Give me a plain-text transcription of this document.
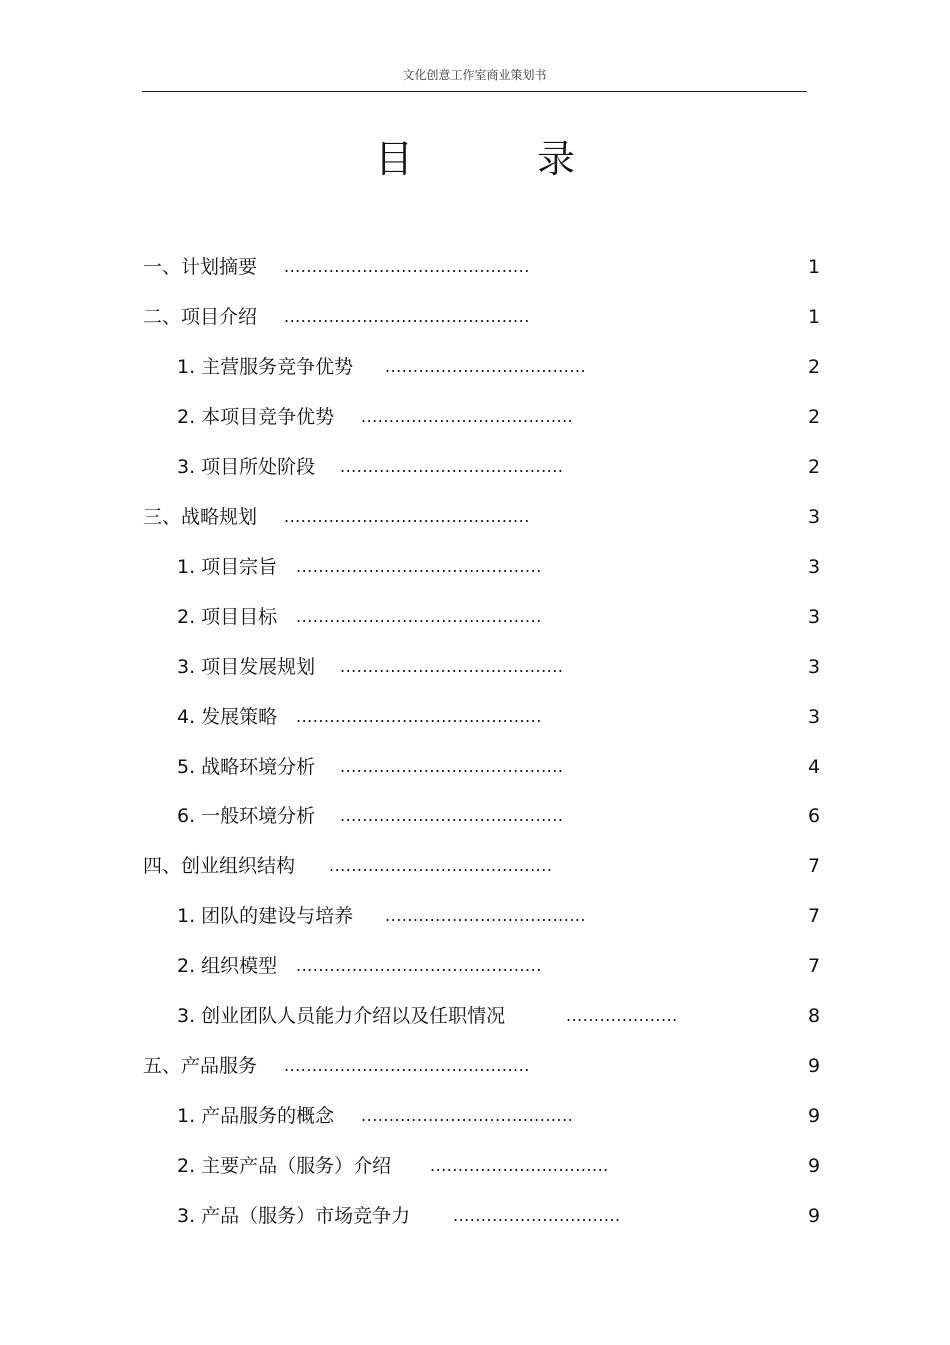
文化创意工作室商业策划书
目 录
一、计划摘要 ............................................	1
二、项目介绍 ............................................	1
1. 主营服务竞争优势 ....................................	2
2. 本项目竞争优势 ......................................	2
3. 项目所处阶段 ........................................	2
三、战略规划 ............................................	3
1. 项目宗旨 ............................................	3
2. 项目目标 ............................................	3
3. 项目发展规划 ........................................	3
4. 发展策略 ............................................	3
5. 战略环境分析 ........................................	4
6. 一般环境分析 ........................................	6
四、创业组织结构 ........................................	7
1. 团队的建设与培养 ....................................	7
2. 组织模型 ............................................	7
3. 创业团队人员能力介绍以及任职情况	....................	8
五、产品服务 ............................................	9
1. 产品服务的概念 ......................................	9
2. 主要产品（服务）介绍 ................................	9
3. 产品（服务）市场竞争力	..............................	9
